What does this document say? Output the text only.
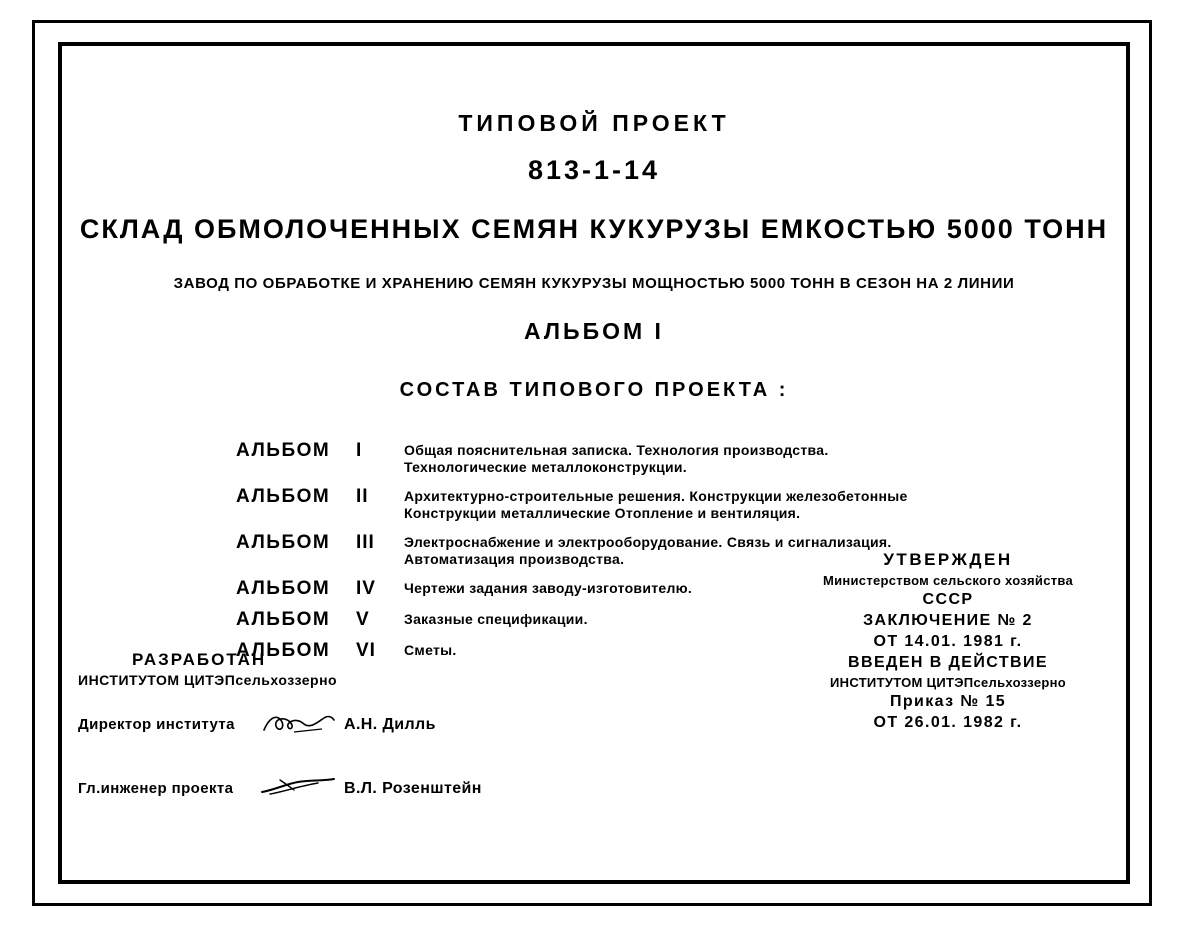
ТИПОВОЙ ПРОЕКТ
813-1-14
СКЛАД ОБМОЛОЧЕННЫХ СЕМЯН КУКУРУЗЫ ЕМКОСТЬЮ 5000 ТОНН
ЗАВОД ПО ОБРАБОТКЕ И ХРАНЕНИЮ СЕМЯН КУКУРУЗЫ МОЩНОСТЬЮ 5000 ТОНН В СЕЗОН НА 2 ЛИНИИ
АЛЬБОМ I
СОСТАВ ТИПОВОГО ПРОЕКТА :
АЛЬБОМ I	Общая пояснительная записка. Технология производства.
Технологические металлоконструкции.
АЛЬБОМ II	Архитектурно-строительные решения. Конструкции железобетонные
Конструкции металлические Отопление и вентиляция.
АЛЬБОМ III Электроснабжение и электрооборудование. Связь и сигнализация.
Автоматизация производства.
АЛЬБОМ IV Чертежи задания заводу-изготовителю.
АЛЬБОМ V Заказные спецификации.
АЛЬБОМ VI Сметы.
РАЗРАБОТАН
ИНСТИТУТОМ ЦИТЭПсельхоззерно
Директор института	А.Н. Дилль
Гл.инженер проекта	В.Л. Розенштейн
УТВЕРЖДЕН
Министерством сельского хозяйства
СССР
ЗАКЛЮЧЕНИЕ № 2
ОТ 14.01. 1981 г.
ВВЕДЕН В ДЕЙСТВИЕ
ИНСТИТУТОМ ЦИТЭПсельхоззерно
Приказ № 15
ОТ 26.01. 1982 г.
